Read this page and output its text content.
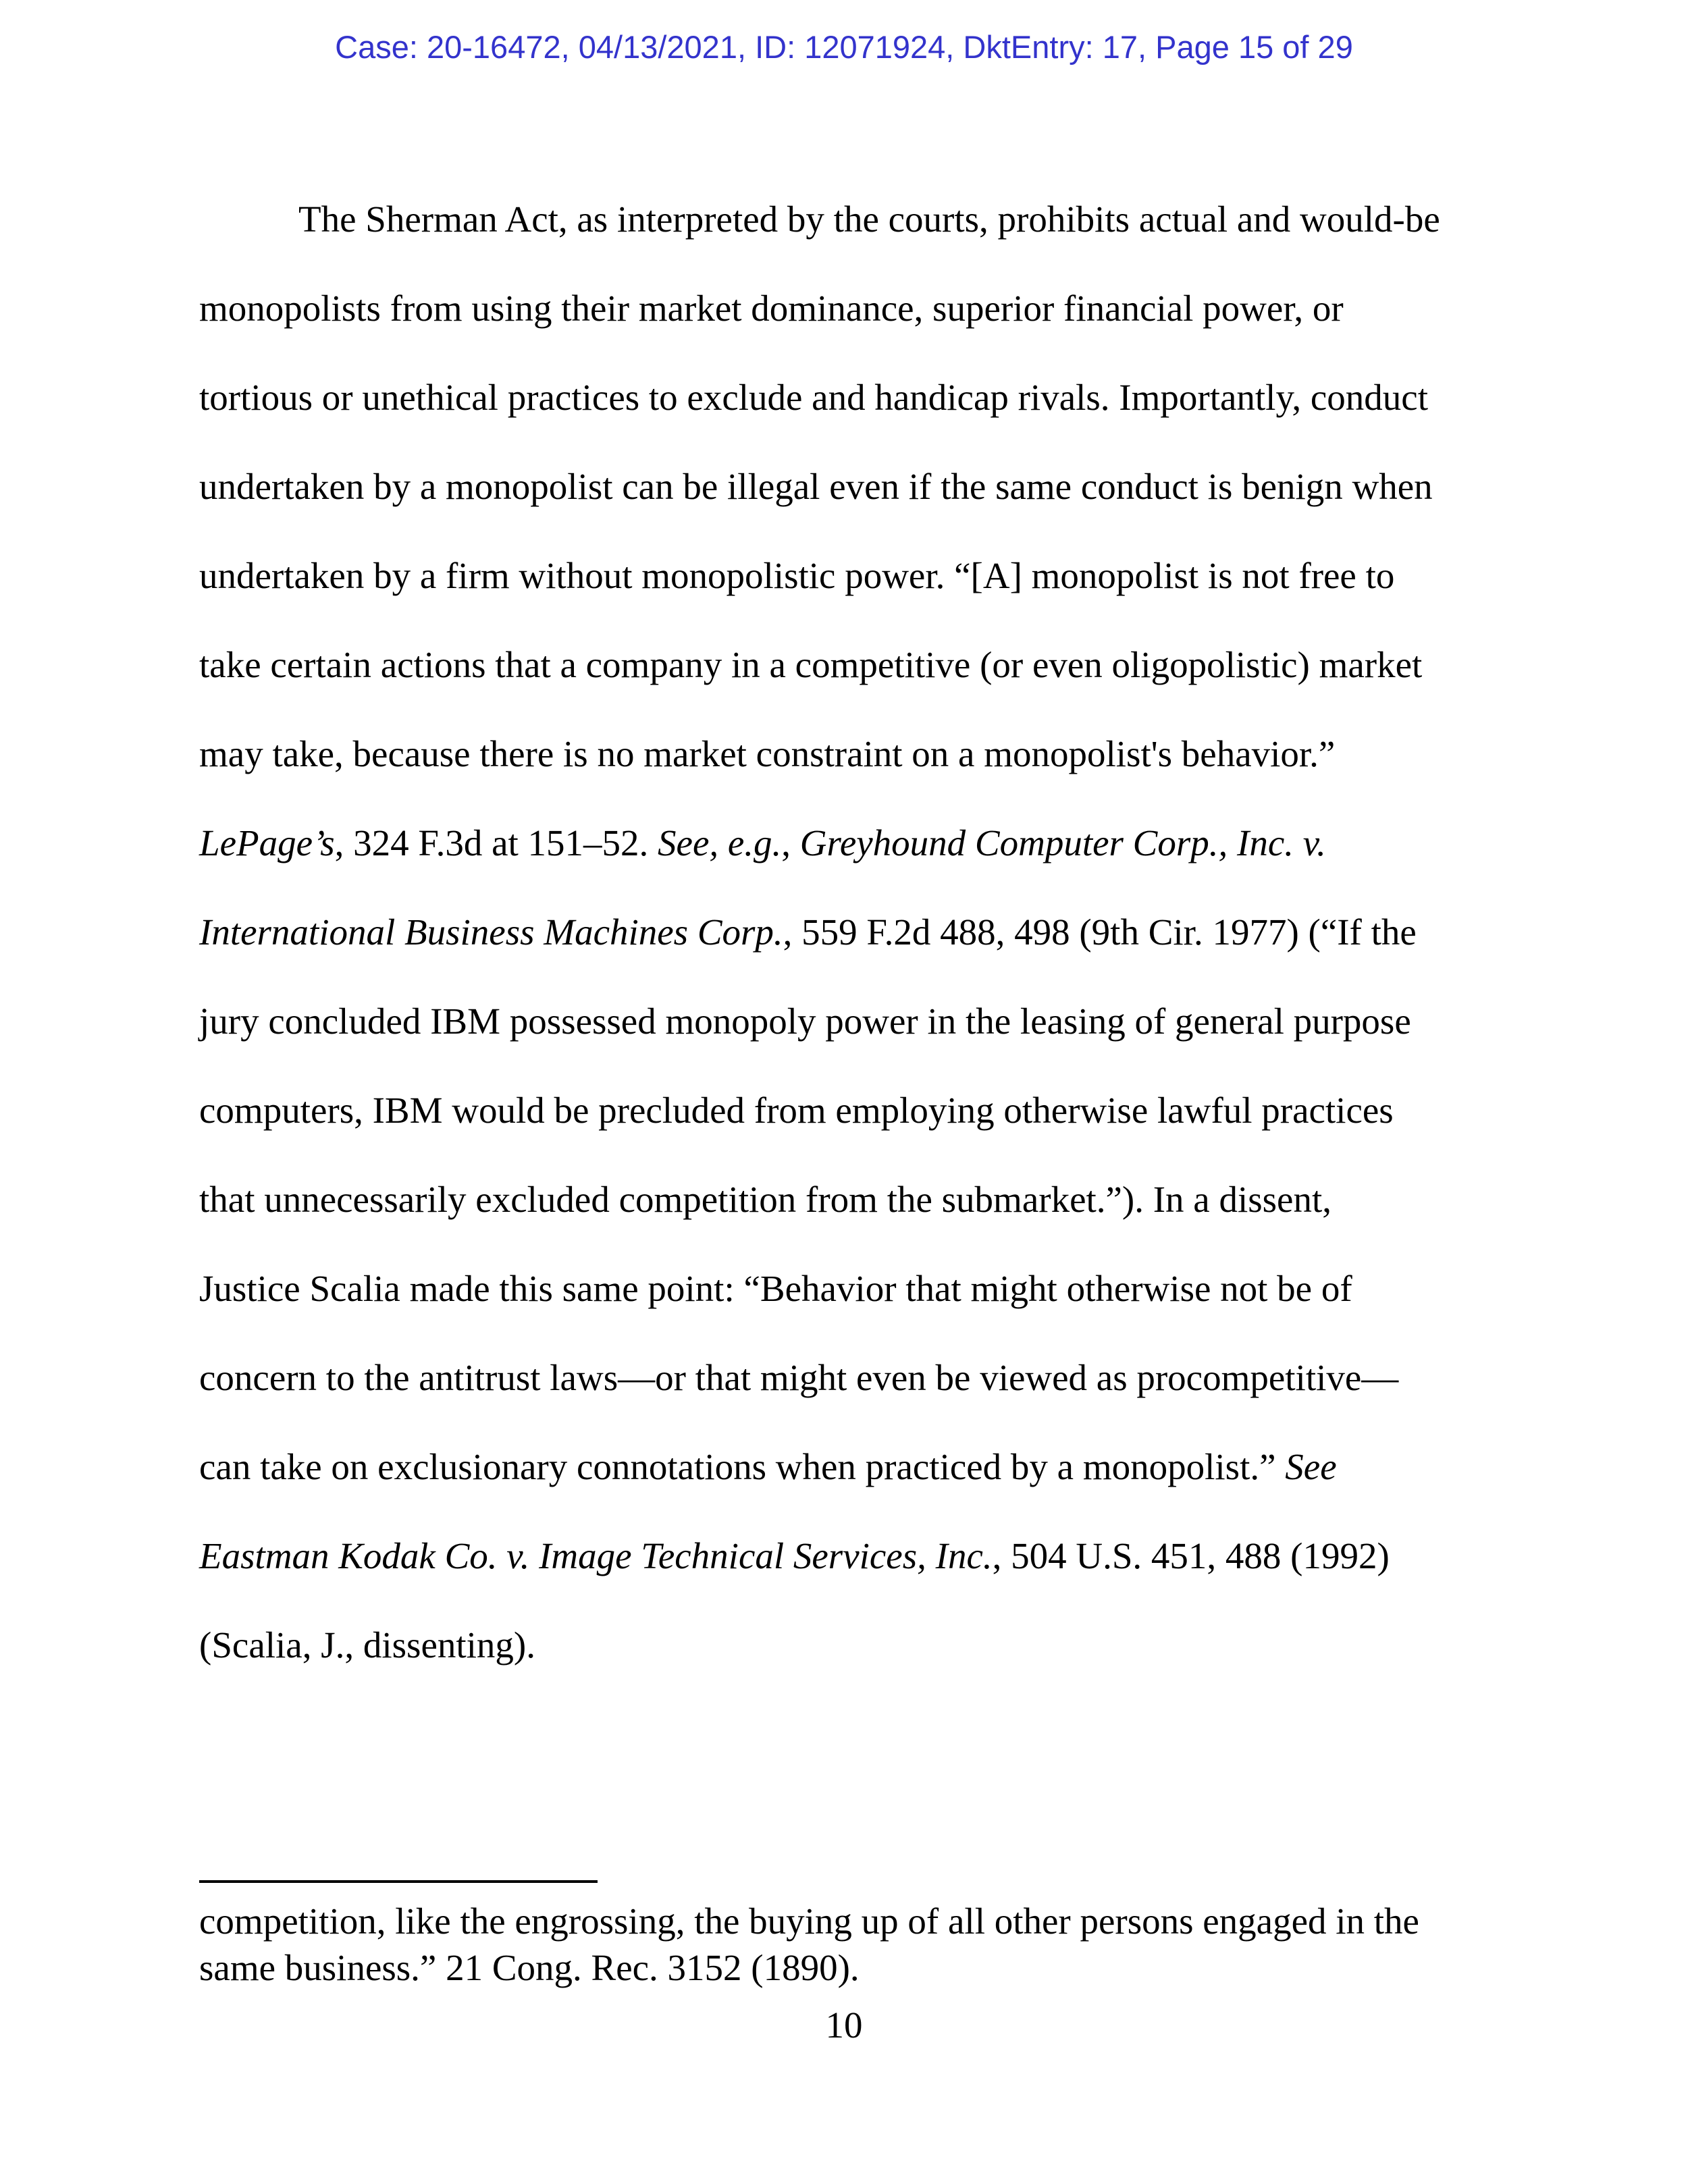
Case: 20-16472, 04/13/2021, ID: 12071924, DktEntry: 17, Page 15 of 29
The Sherman Act, as interpreted by the courts, prohibits actual and would-be
monopolists from using their market dominance, superior financial power, or
tortious or unethical practices to exclude and handicap rivals. Importantly, conduct
undertaken by a monopolist can be illegal even if the same conduct is benign when
undertaken by a firm without monopolistic power. “[A] monopolist is not free to
take certain actions that a company in a competitive (or even oligopolistic) market
may take, because there is no market constraint on a monopolist's behavior.”
LePage’s, 324 F.3d at 151–52. See, e.g., Greyhound Computer Corp., Inc. v.
International Business Machines Corp., 559 F.2d 488, 498 (9th Cir. 1977) (“If the
jury concluded IBM possessed monopoly power in the leasing of general purpose
computers, IBM would be precluded from employing otherwise lawful practices
that unnecessarily excluded competition from the submarket.”). In a dissent,
Justice Scalia made this same point: “Behavior that might otherwise not be of
concern to the antitrust laws—or that might even be viewed as procompetitive—
can take on exclusionary connotations when practiced by a monopolist.” See
Eastman Kodak Co. v. Image Technical Services, Inc., 504 U.S. 451, 488 (1992)
(Scalia, J., dissenting).
competition, like the engrossing, the buying up of all other persons engaged in the
same business.” 21 Cong. Rec. 3152 (1890).
10
